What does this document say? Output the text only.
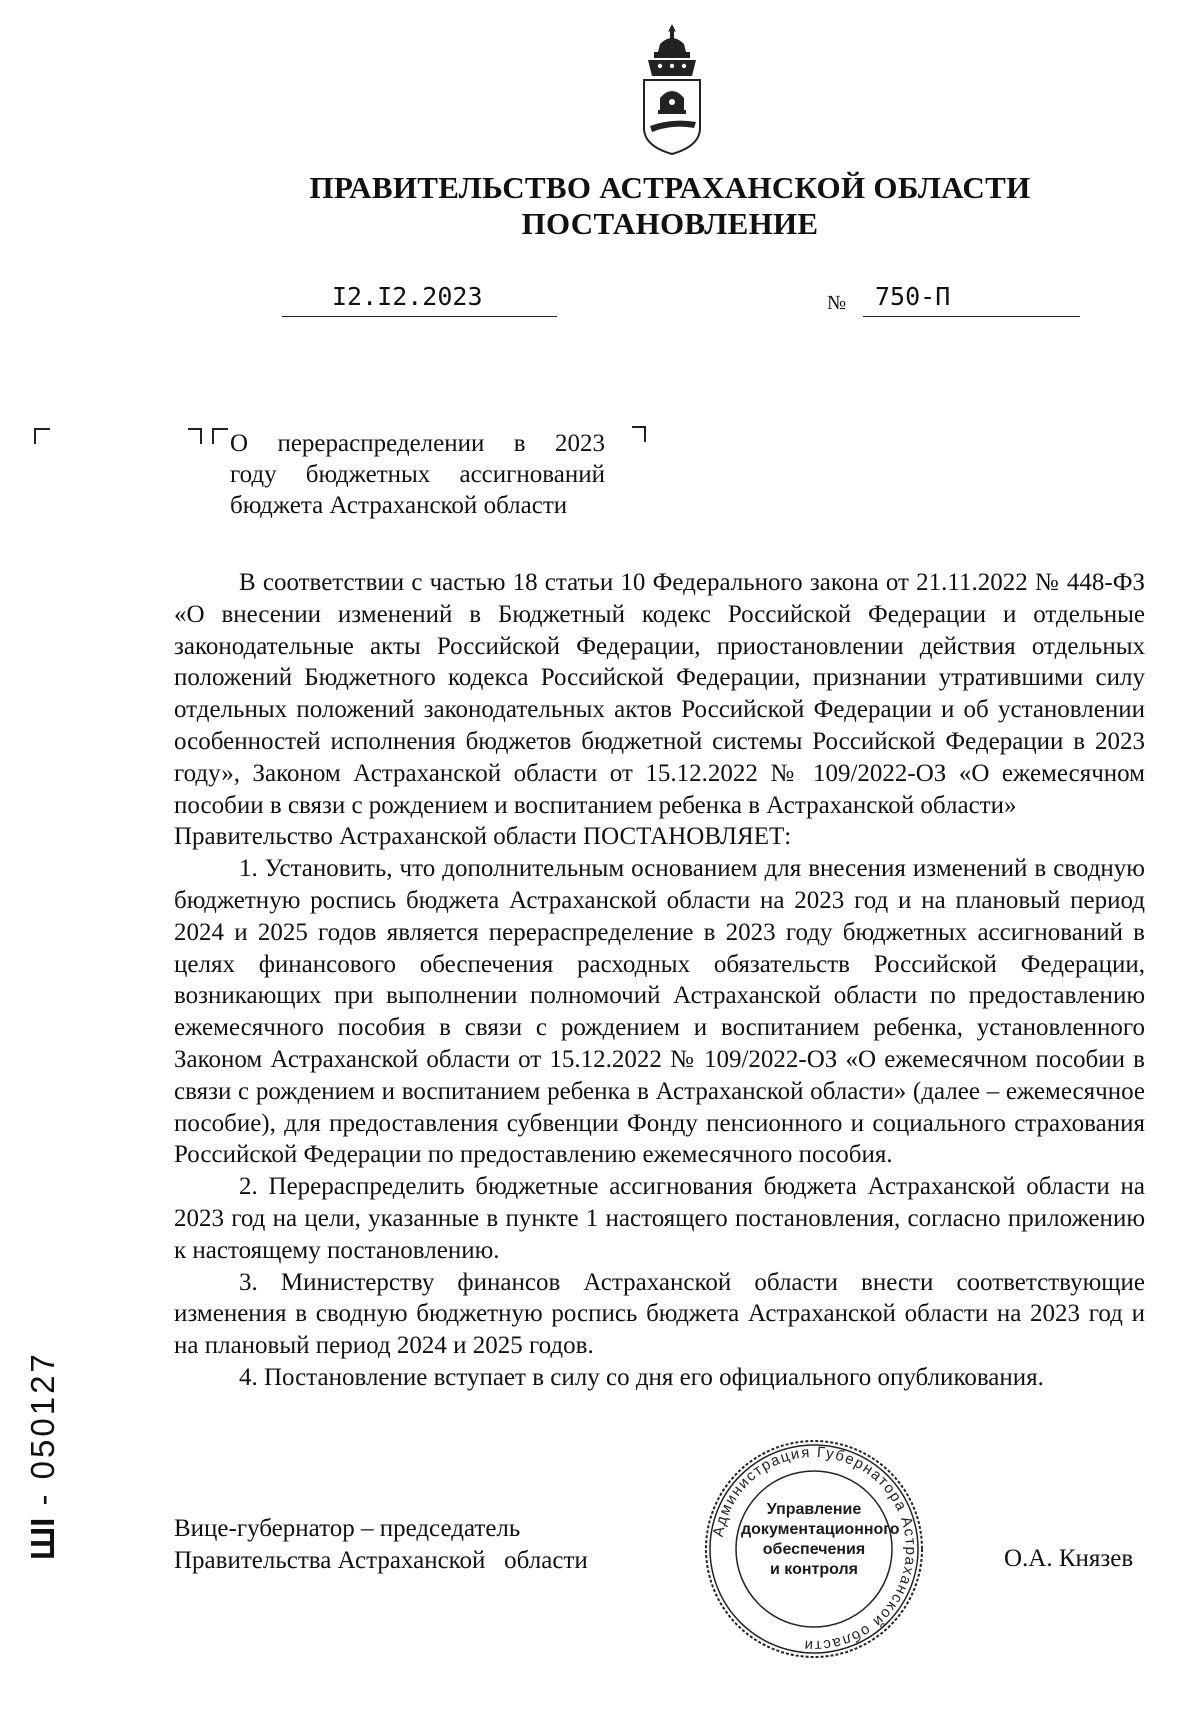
ПРАВИТЕЛЬСТВО АСТРАХАНСКОЙ ОБЛАСТИ
ПОСТАНОВЛЕНИЕ
I2.I2.2023	№ 750-П
О перераспределении в 2023
году бюджетных ассигнований
бюджета Астраханской области

В соответствии с частью 18 статьи 10 Федерального закона от 21.11.2022 № 448-ФЗ «О внесении изменений в Бюджетный кодекс Российской Федерации и отдельные законодательные акты Российской Федерации, приостановлении действия отдельных положений Бюджетного кодекса Российской Федерации, признании утратившими силу отдельных положений законодательных актов Российской Федерации и об установлении особенностей исполнения бюджетов бюджетной системы Российской Федерации в 2023 году», Законом Астраханской области от 15.12.2022 № 109/2022-ОЗ «О ежемесячном пособии в связи с рождением и воспитанием ребенка в Астраханской области»

Правительство Астраханской области ПОСТАНОВЛЯЕТ:

1. Установить, что дополнительным основанием для внесения изменений в сводную бюджетную роспись бюджета Астраханской области на 2023 год и на плановый период 2024 и 2025 годов является перераспределение в 2023 году бюджетных ассигнований в целях финансового обеспечения расходных обязательств Российской Федерации, возникающих при выполнении полномочий Астраханской области по предоставлению ежемесячного пособия в связи с рождением и воспитанием ребенка, установленного Законом Астраханской области от 15.12.2022 № 109/2022-ОЗ «О ежемесячном пособии в связи с рождением и воспитанием ребенка в Астраханской области» (далее – ежемесячное пособие), для предоставления субвенции Фонду пенсионного и социального страхования Российской Федерации по предоставлению ежемесячного пособия.

2. Перераспределить бюджетные ассигнования бюджета Астраханской области на 2023 год на цели, указанные в пункте 1 настоящего постановления, согласно приложению к настоящему постановлению.

3. Министерству финансов Астраханской области внести соответствующие изменения в сводную бюджетную роспись бюджета Астраханской области на 2023 год и на плановый период 2024 и 2025 годов.

4. Постановление вступает в силу со дня его официального опубликования.

Вице-губернатор – председатель
Правительства Астраханской   области	О.А. Князев
Администрация Губернатора Астраханской области
Управление
документационного
обеспечения
и контроля
ШI - 050127
